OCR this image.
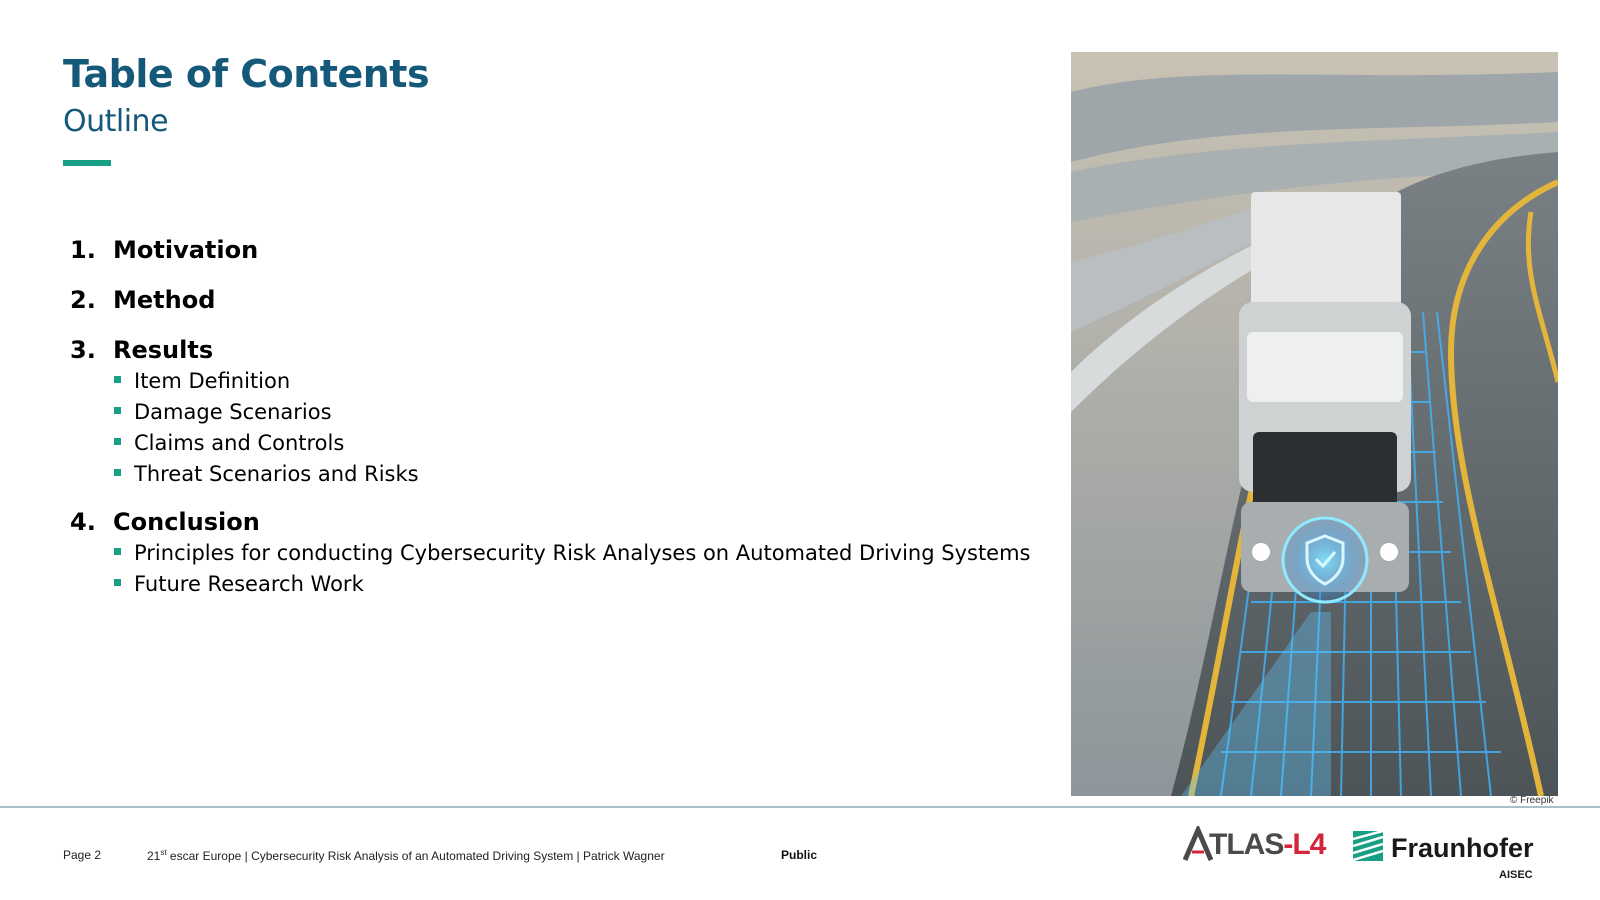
Table of Contents
Outline
1. Motivation
2. Method
3. Results
Item Definition
Damage Scenarios
Claims and Controls
Threat Scenarios and Risks
4. Conclusion
Principles for conducting Cybersecurity Risk Analyses on Automated Driving Systems
Future Research Work
© Freepik
Page 2	21st escar Europe | Cybersecurity Risk Analysis of an Automated Driving System | Patrick Wagner	Public	TLAS-L4 Fraunhofer
AISEC
